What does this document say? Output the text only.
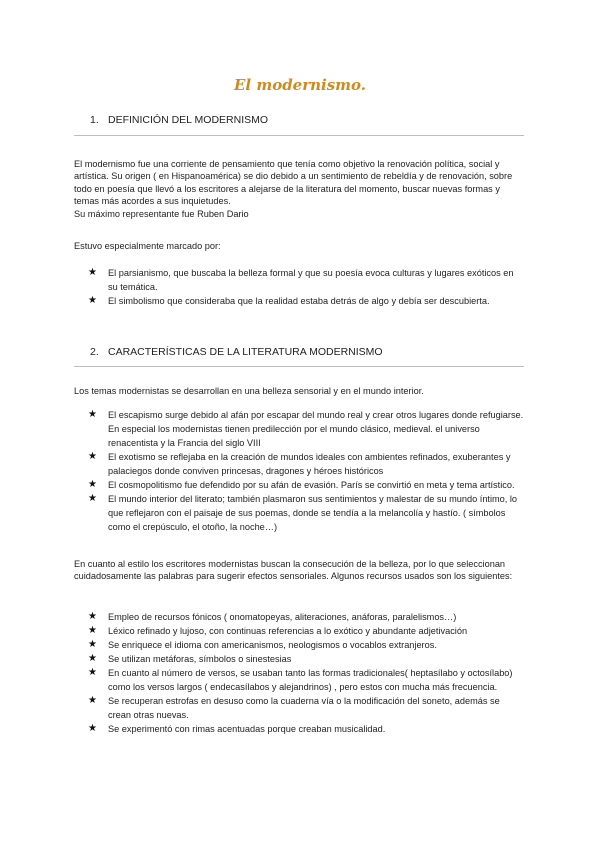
El modernismo.
1. DEFINICIÓN DEL MODERNISMO

El modernismo fue una corriente de pensamiento que tenía como objetivo la renovación política, social y artística. Su origen ( en Hispanoamérica) se dio debido a un sentimiento de rebeldía y de renovación, sobre todo en poesía que llevó a los escritores a alejarse de la literatura del momento, buscar nuevas formas y temas más acordes a sus inquietudes.

Su máximo representante fue Ruben Dario

Estuvo especialmente marcado por:

★ El parsianismo, que buscaba la belleza formal y que su poesía evoca culturas y lugares exóticos en su temática.
★ El simbolismo que consideraba que la realidad estaba detrás de algo y debía ser descubierta.
2. CARACTERÍSTICAS DE LA LITERATURA MODERNISMO

Los temas modernistas se desarrollan en una belleza sensorial y en el mundo interior.

★ El escapismo surge debido al afán por escapar del mundo real y crear otros lugares donde refugiarse. En especial los modernistas tienen predilección por el mundo clásico, medieval. el universo renacentista y la Francia del siglo VIII
★ El exotismo se reflejaba en la creación de mundos ideales con ambientes refinados, exuberantes y palaciegos donde conviven princesas, dragones y héroes históricos
★ El cosmopolitismo fue defendido por su afán de evasión. París se convirtió en meta y tema artístico.
★ El mundo interior del literato; también plasmaron sus sentimientos y malestar de su mundo íntimo, lo que reflejaron con el paisaje de sus poemas, donde se tendía a la melancolía y hastío. ( símbolos como el crepúsculo, el otoño, la noche…)

En cuanto al estilo los escritores modernistas buscan la consecución de la belleza, por lo que seleccionan cuidadosamente las palabras para sugerir efectos sensoriales. Algunos recursos usados son los siguientes:

★ Empleo de recursos fónicos ( onomatopeyas, aliteraciones, anáforas, paralelismos…)
★ Léxico refinado y lujoso, con continuas referencias a lo exótico y abundante adjetivación
★ Se enriquece el idioma con americanismos, neologismos o vocablos extranjeros.
★ Se utilizan metáforas, símbolos o sinestesias
★ En cuanto al número de versos, se usaban tanto las formas tradicionales( heptasílabo y octosílabo) como los versos largos ( endecasílabos y alejandrinos) , pero estos con mucha más frecuencia.
★ Se recuperan estrofas en desuso como la cuaderna vía o la modificación del soneto, además se crean otras nuevas.
★ Se experimentó con rimas acentuadas porque creaban musicalidad.
